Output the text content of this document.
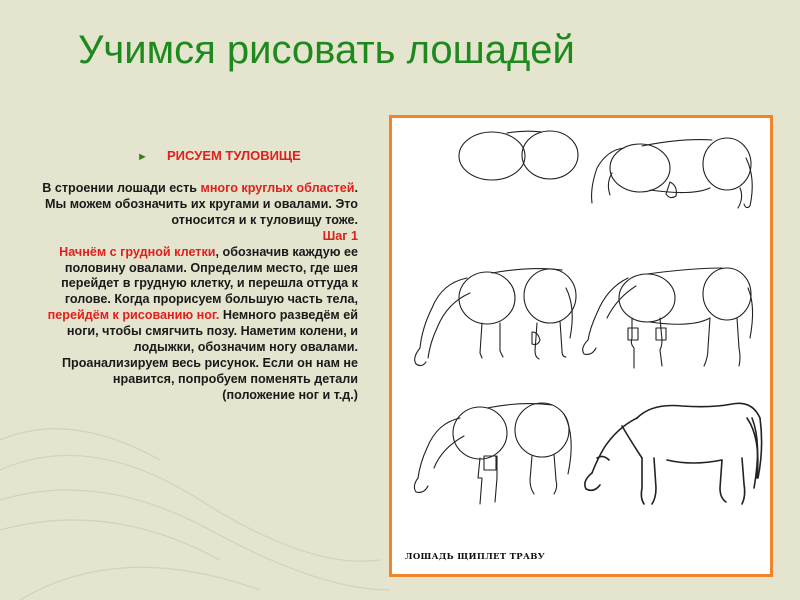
Учимся рисовать лошадей
► РИСУЕМ ТУЛОВИЩЕ
В строении лошади есть много круглых областей. Мы можем обозначить их кругами и овалами. Это относится и к туловищу тоже.
Шаг 1
Начнём с грудной клетки, обозначив каждую ее половину овалами. Определим место, где шея перейдет в грудную клетку, и перешла оттуда к голове. Когда прорисуем большую часть тела, перейдём к рисованию ног. Немного разведём ей ноги, чтобы смягчить позу. Наметим колени, и лодыжки, обозначим ногу овалами. Проанализируем весь рисунок. Если он нам не нравится, попробуем поменять детали (положение ног и т.д.)
ЛОШАДЬ ЩИПЛЕТ ТРАВУ
